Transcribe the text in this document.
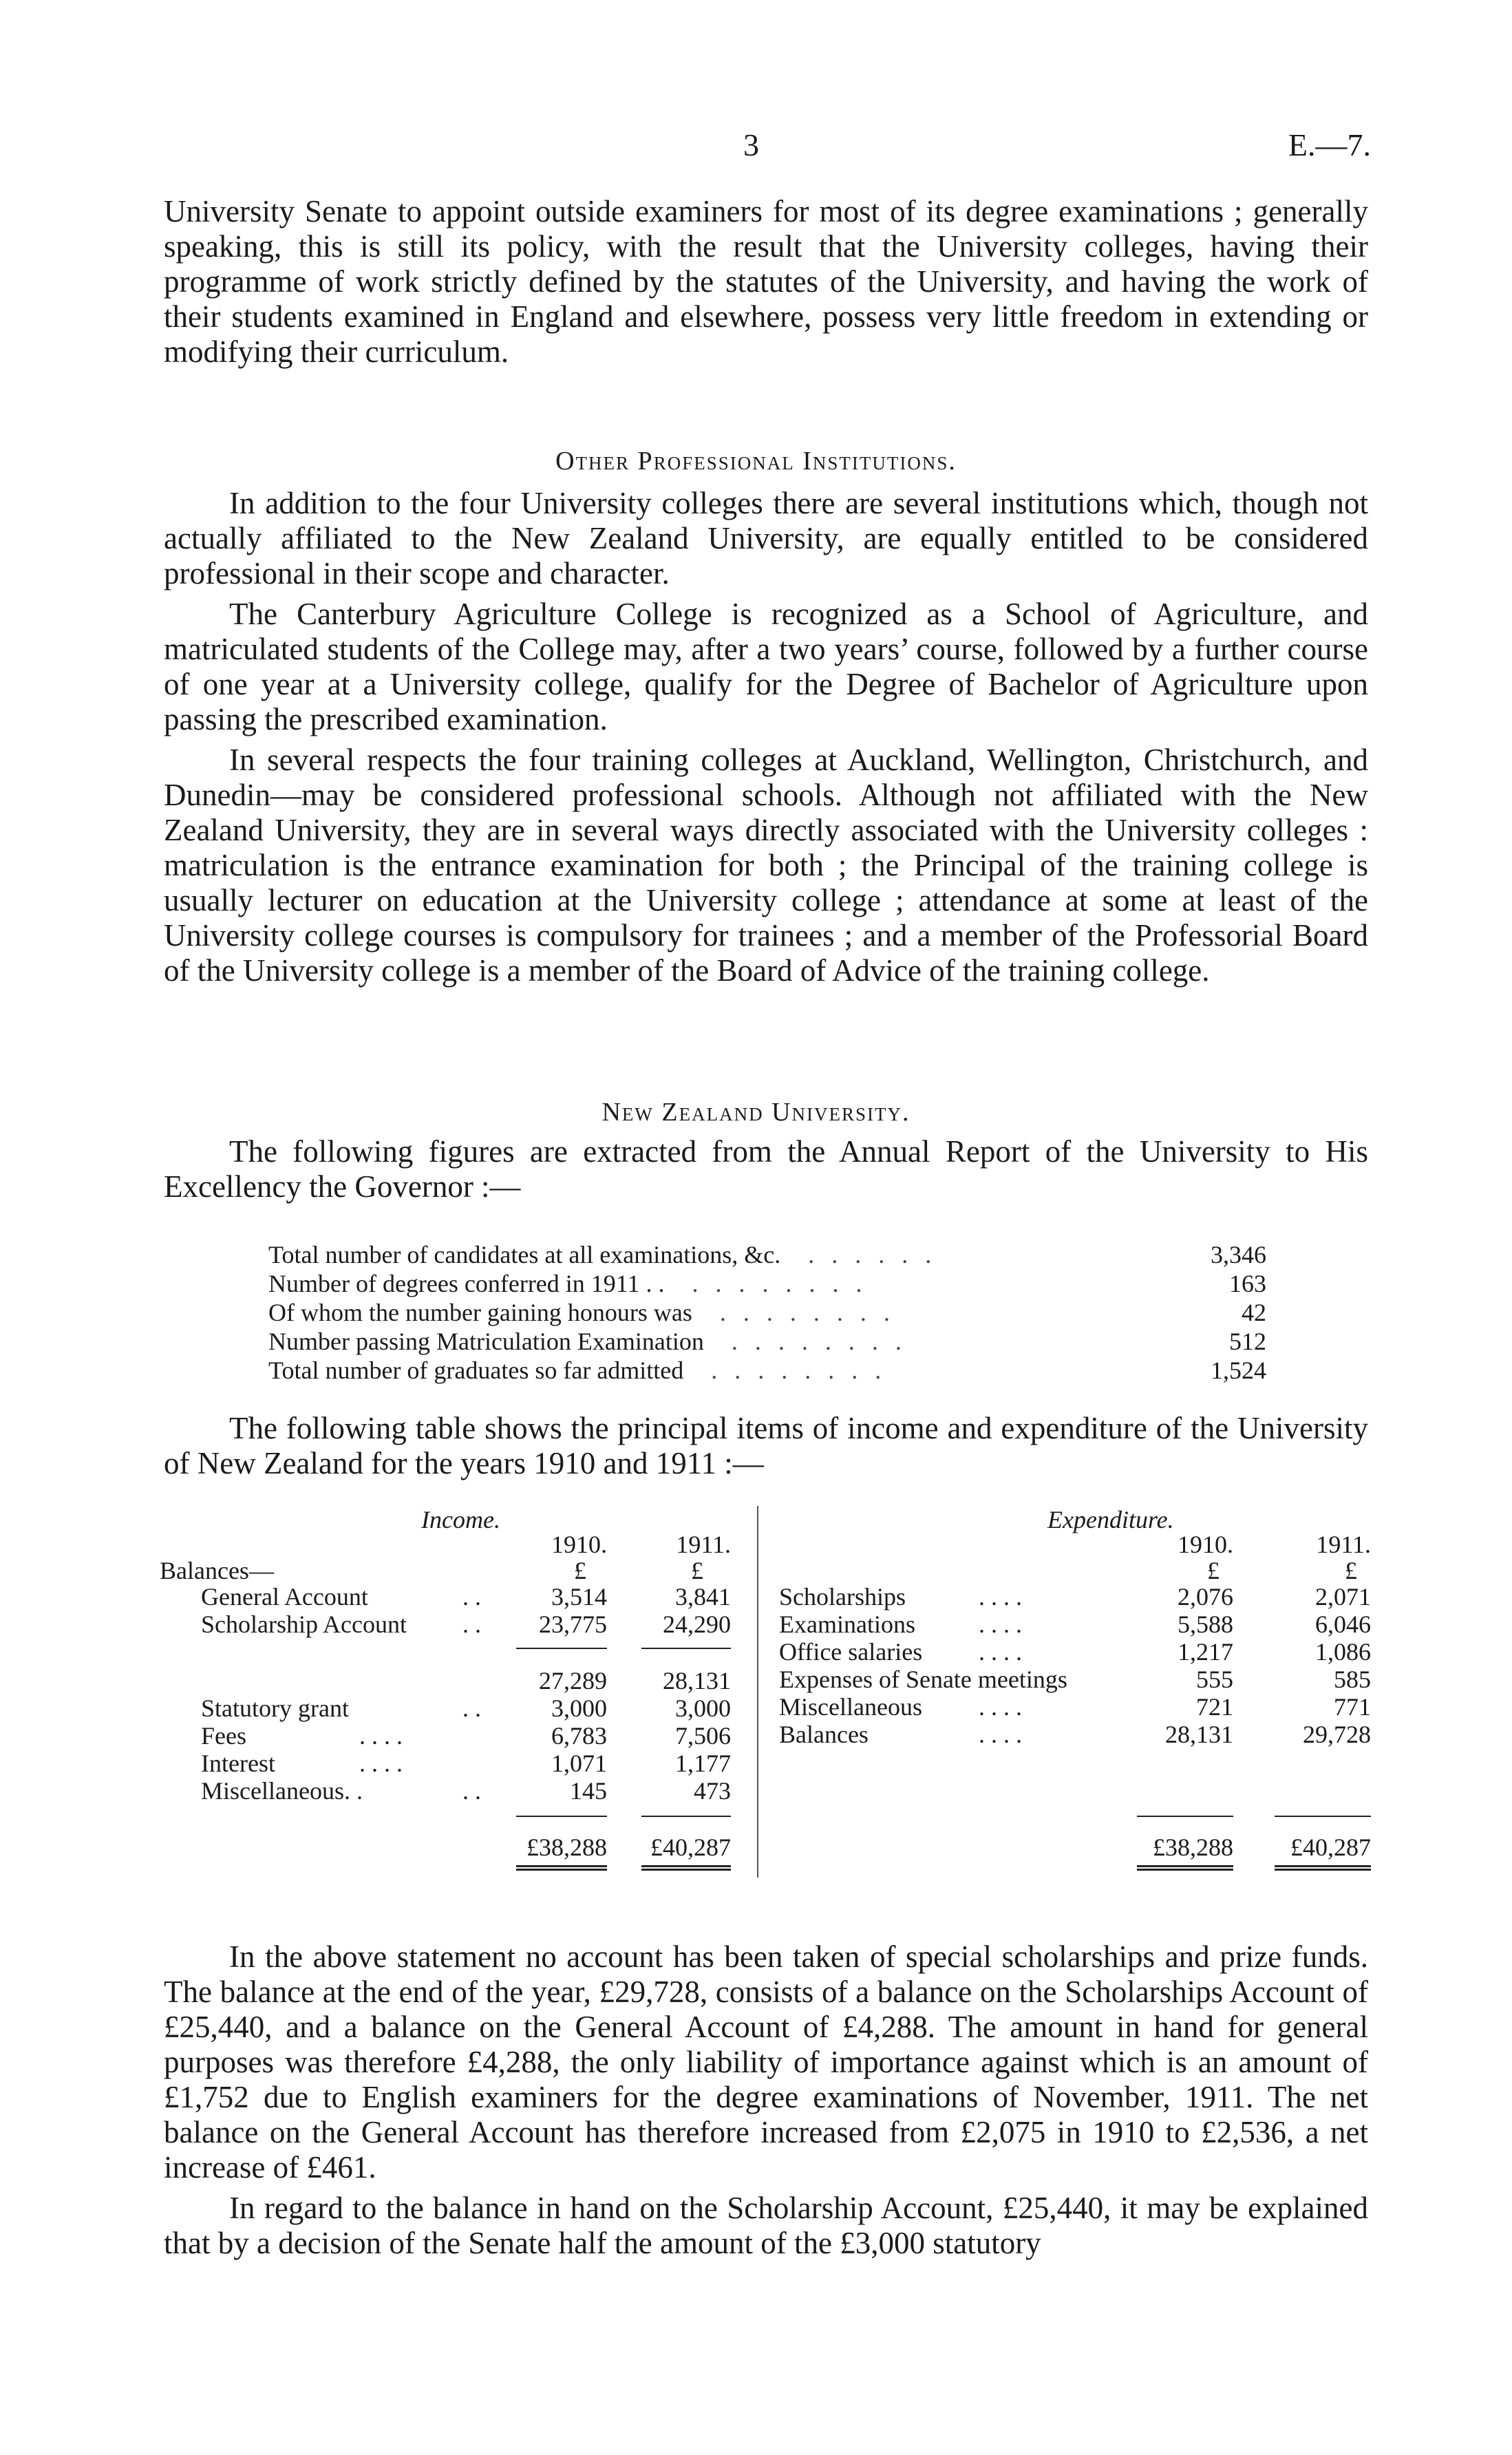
3	E.—7.

University Senate to appoint outside examiners for most of its degree examinations ; generally speaking, this is still its policy, with the result that the University colleges, having their programme of work strictly defined by the statutes of the University, and having the work of their students examined in England and elsewhere, possess very little freedom in extending or modifying their curriculum.

Other Professional Institutions.

In addition to the four University colleges there are several institutions which, though not actually affiliated to the New Zealand University, are equally entitled to be considered professional in their scope and character.

The Canterbury Agriculture College is recognized as a School of Agriculture, and matriculated students of the College may, after a two years’ course, followed by a further course of one year at a University college, qualify for the Degree of Bachelor of Agriculture upon passing the prescribed examination.

In several respects the four training colleges at Auckland, Wellington, Christchurch, and Dunedin—may be considered professional schools. Although not affiliated with the New Zealand University, they are in several ways directly associated with the University colleges : matriculation is the entrance examination for both ; the Principal of the training college is usually lecturer on education at the University college ; attendance at some at least of the University college courses is compulsory for trainees ; and a member of the Professorial Board of the University college is a member of the Board of Advice of the training college.

New Zealand University.

The following figures are extracted from the Annual Report of the University to His Excellency the Governor :—

Total number of candidates at all examinations, &c.	. . . . . .	3,346
Number of degrees conferred in 1911 . .	. . . . . . . .	163
Of whom the number gaining honours was	. . . . . . . .	42
Number passing Matriculation Examination	. . . . . . . .	512
Total number of graduates so far admitted	. . . . . . . .	1,524

The following table shows the principal items of income and expenditure of the University of New Zealand for the years 1910 and 1911 :—

Income.
1910.	1911.
Balances—	£	£
General Account	. .	3,514	3,841
Scholarship Account . .	23,775	24,290
27,289	28,131
Statutory grant	. .	3,000	3,000
Fees	. . . .	6,783	7,506
Interest	. . . .	1,071	1,177
Miscellaneous. .	. .	145	473
£38,288	£40,287
Expenditure.
1910.	1911.
£	£
Scholarships	. . . .	2,076	2,071
Examinations	. . . .	5,588	6,046
Office salaries . . . .	1,217	1,086
Expenses of Senate meetings	555	585
Miscellaneous . . . .	721	771
Balances	. . . .	28,131	29,728
£38,288	£40,287

In the above statement no account has been taken of special scholarships and prize funds. The balance at the end of the year, £29,728, consists of a balance on the Scholarships Account of £25,440, and a balance on the General Account of £4,288. The amount in hand for general purposes was therefore £4,288, the only liability of importance against which is an amount of £1,752 due to English examiners for the degree examinations of November, 1911. The net balance on the General Account has therefore increased from £2,075 in 1910 to £2,536, a net increase of £461.

In regard to the balance in hand on the Scholarship Account, £25,440, it may be explained that by a decision of the Senate half the amount of the £3,000 statutory
